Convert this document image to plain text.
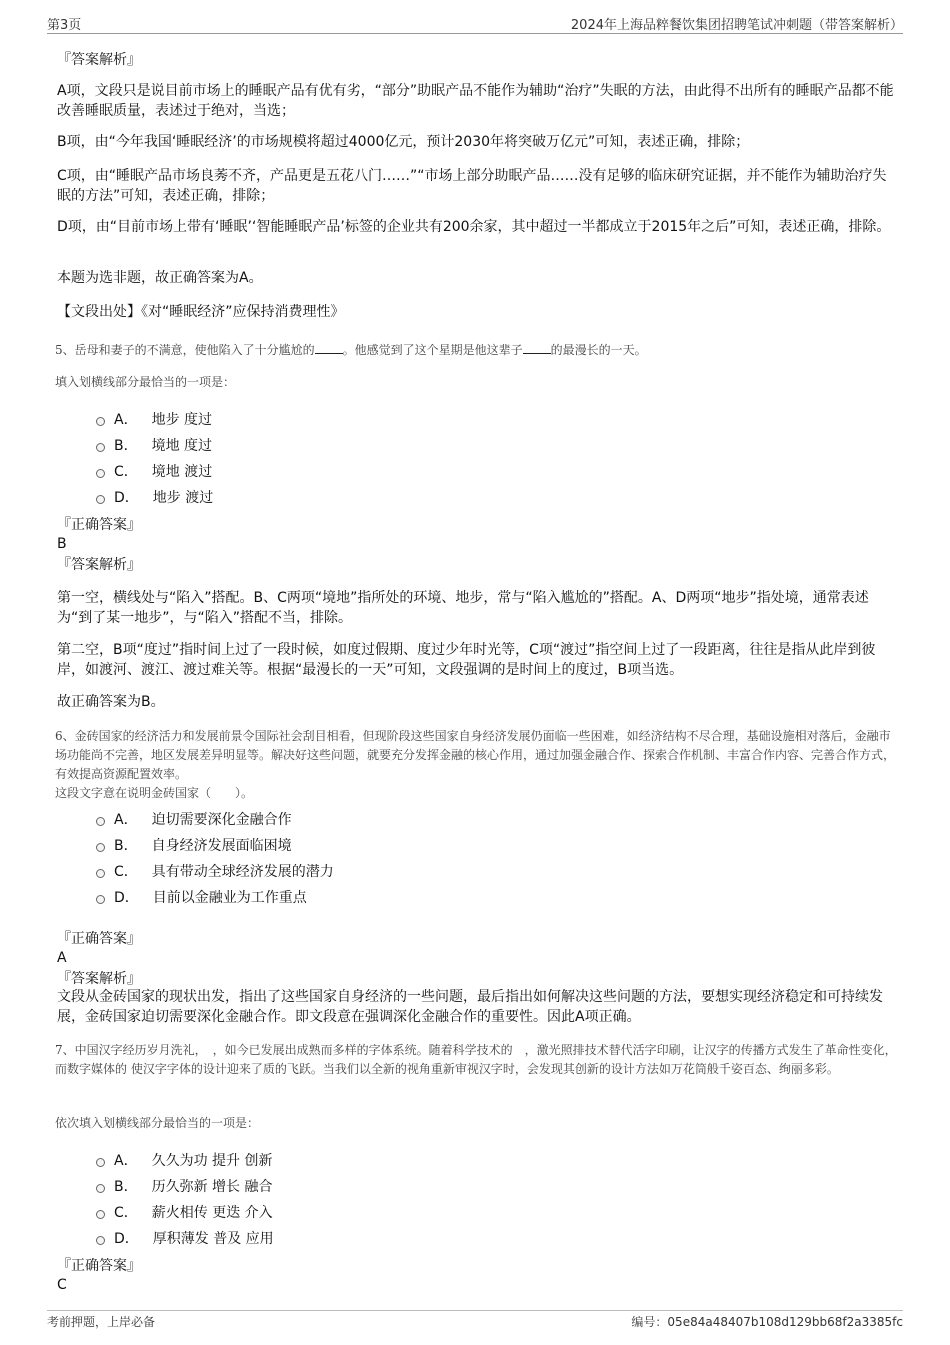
第3页	2024年上海品粹餐饮集团招聘笔试冲刺题（带答案解析）
『答案解析』
A项，文段只是说目前市场上的睡眠产品有优有劣，“部分”助眠产品不能作为辅助“治疗”失眠的方法，由此得不出所有的睡眠产品都不能改善睡眠质量，表述过于绝对，当选；
B项，由“今年我国‘睡眠经济’的市场规模将超过4000亿元，预计2030年将突破万亿元”可知，表述正确，排除；
C项，由“睡眠产品市场良莠不齐，产品更是五花八门……”“市场上部分助眠产品……没有足够的临床研究证据，并不能作为辅助治疗失眠的方法”可知，表述正确，排除；
D项，由“目前市场上带有‘睡眠’‘智能睡眠产品’标签的企业共有200余家，其中超过一半都成立于2015年之后”可知，表述正确，排除。
本题为选非题，故正确答案为A。
【文段出处】《对“睡眠经济”应保持消费理性》
5、岳母和妻子的不满意，使他陷入了十分尴尬的 。他感觉到了这个星期是他这辈子 的最漫长的一天。
填入划横线部分最恰当的一项是：
A． 地步 度过
B． 境地 度过
C． 境地 渡过
D． 地步 渡过
『正确答案』
B
『答案解析』
第一空，横线处与“陷入”搭配。B、C两项“境地”指所处的环境、地步，常与“陷入尴尬的”搭配。A、D两项“地步”指处境，通常表述为“到了某一地步”，与“陷入”搭配不当，排除。
第二空，B项“度过”指时间上过了一段时候，如度过假期、度过少年时光等，C项“渡过”指空间上过了一段距离，往往是指从此岸到彼岸，如渡河、渡江、渡过难关等。根据“最漫长的一天”可知，文段强调的是时间上的度过，B项当选。
故正确答案为B。
6、金砖国家的经济活力和发展前景令国际社会刮目相看，但现阶段这些国家自身经济发展仍面临一些困难，如经济结构不尽合理，基础设施相对落后，金融市场功能尚不完善，地区发展差异明显等。解决好这些问题，就要充分发挥金融的核心作用，通过加强金融合作、探索合作机制、丰富合作内容、完善合作方式，有效提高资源配置效率。
这段文字意在说明金砖国家（　　）。
A． 迫切需要深化金融合作
B． 自身经济发展面临困境
C． 具有带动全球经济发展的潜力
D． 目前以金融业为工作重点
『正确答案』
A
『答案解析』
文段从金砖国家的现状出发，指出了这些国家自身经济的一些问题，最后指出如何解决这些问题的方法，要想实现经济稳定和可持续发展，金砖国家迫切需要深化金融合作。即文段意在强调深化金融合作的重要性。因此A项正确。
7、中国汉字经历岁月洗礼，　，如今已发展出成熟而多样的字体系统。随着科学技术的　，激光照排技术替代活字印刷，让汉字的传播方式发生了革命性变化，而数字媒体的 使汉字字体的设计迎来了质的飞跃。当我们以全新的视角重新审视汉字时，会发现其创新的设计方法如万花筒般千姿百态、绚丽多彩。
依次填入划横线部分最恰当的一项是：
A． 久久为功 提升 创新
B． 历久弥新 增长 融合
C． 薪火相传 更迭 介入
D． 厚积薄发 普及 应用
『正确答案』
C
考前押题，上岸必备	编号：05e84a48407b108d129bb68f2a3385fc
